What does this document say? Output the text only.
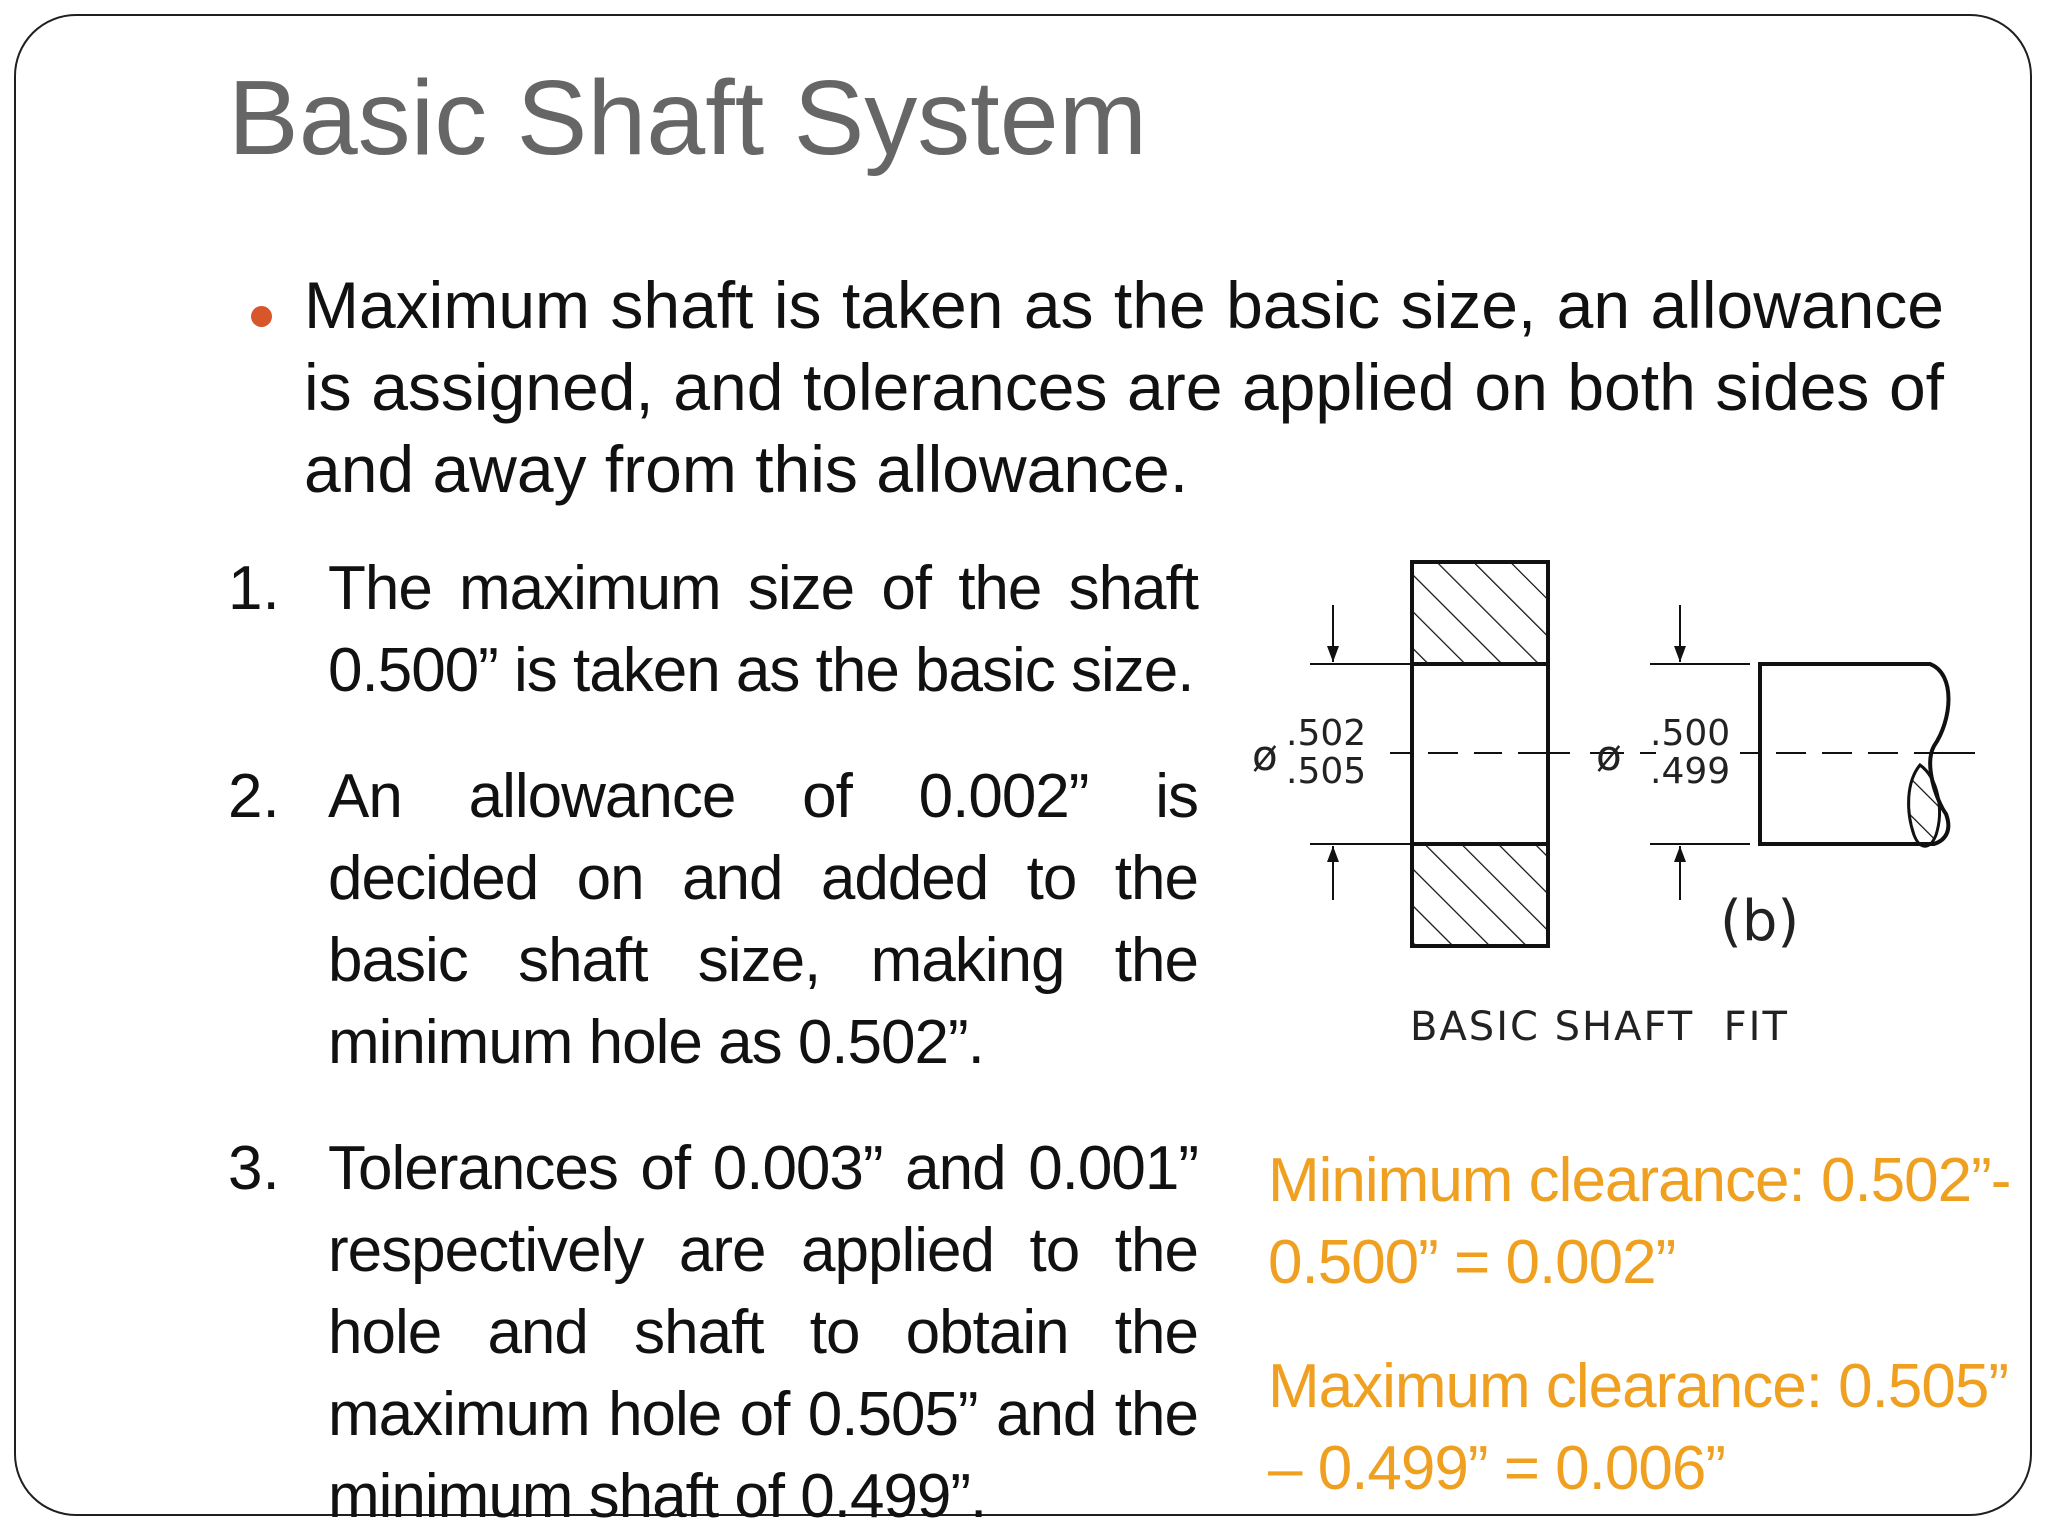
Basic Shaft System
Maximum shaft is taken as the basic size, an allowance is assigned, and tolerances are applied on both sides of and away from this allowance.
1. The maximum size of the shaft 0.500” is taken as the basic size.
2. An allowance of 0.002” is decided on and added to the basic shaft size, making the minimum hole as 0.502”.
3. Tolerances of 0.003” and 0.001” respectively are applied to the hole and shaft to obtain the maximum hole of 0.505” and the minimum shaft of 0.499”.
ø .502
.505	ø .500
.499
(b)
BASIC SHAFT  FIT
Minimum clearance: 0.502”- 0.500” = 0.002”
Maximum clearance: 0.505” – 0.499” = 0.006”
